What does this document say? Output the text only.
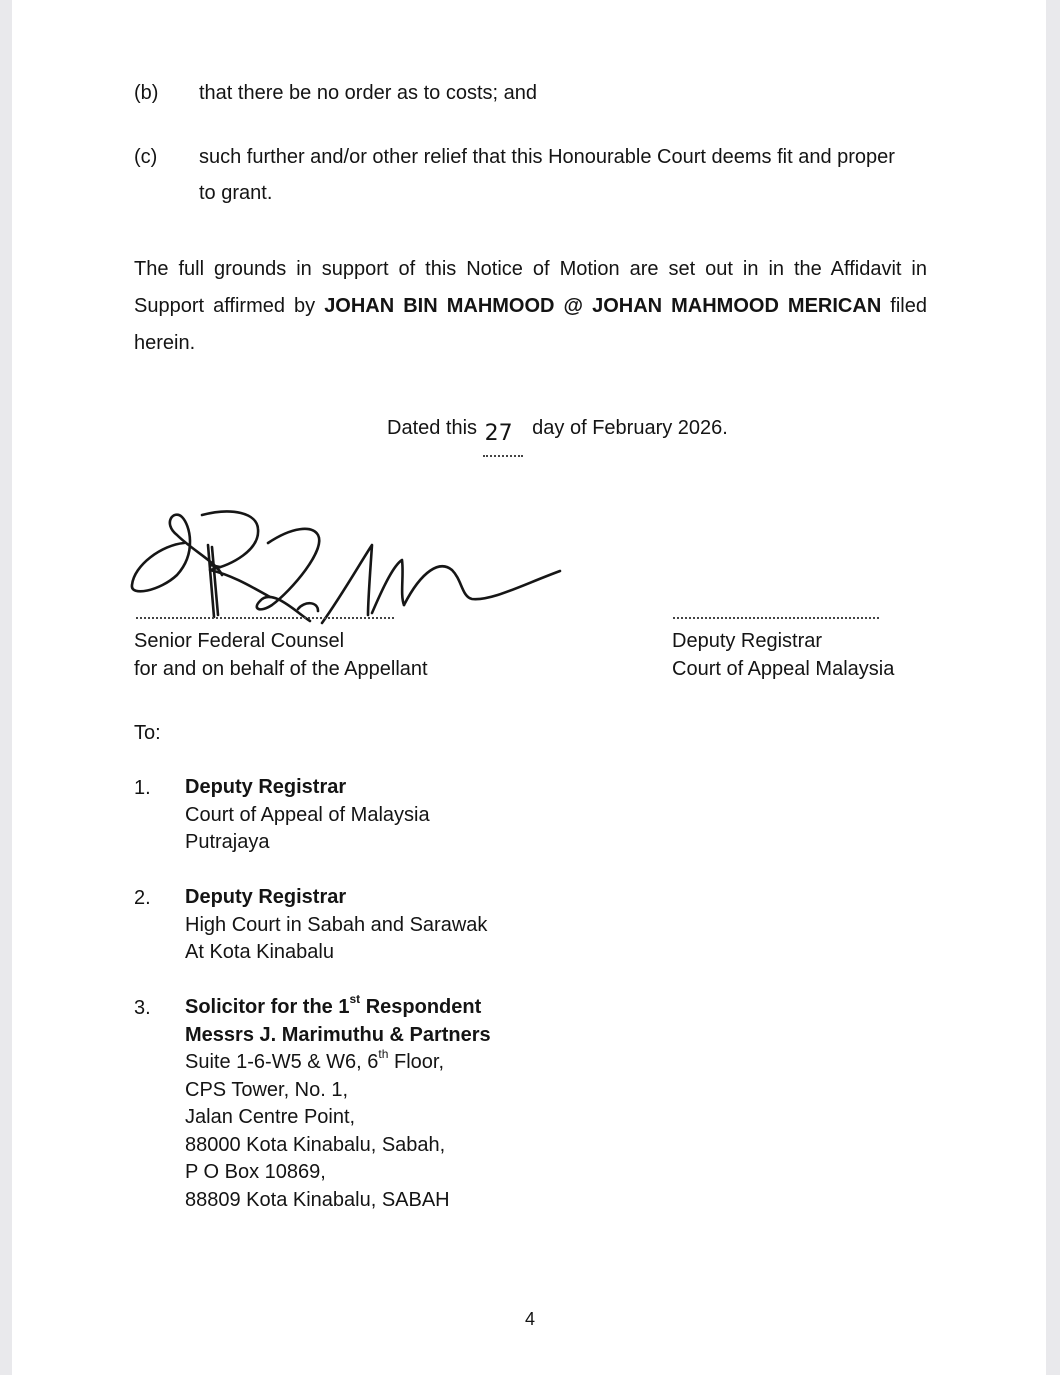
(b) that there be no order as to costs; and
(c) such further and/or other relief that this Honourable Court deems fit and proper
to grant.
The full grounds in support of this Notice of Motion are set out in in the Affidavit in
Support affirmed by JOHAN BIN MAHMOOD @ JOHAN MAHMOOD MERICAN filed
herein.
Dated this 27 day of February 2026.
Senior Federal Counsel
for and on behalf of the Appellant
Deputy Registrar
Court of Appeal Malaysia
To:
1. Deputy Registrar
Court of Appeal of Malaysia
Putrajaya
2. Deputy Registrar
High Court in Sabah and Sarawak
At Kota Kinabalu
3. Solicitor for the 1st Respondent
Messrs J. Marimuthu & Partners
Suite 1-6-W5 & W6, 6th Floor,
CPS Tower, No. 1,
Jalan Centre Point,
88000 Kota Kinabalu, Sabah,
P O Box 10869,
88809 Kota Kinabalu, SABAH
4
